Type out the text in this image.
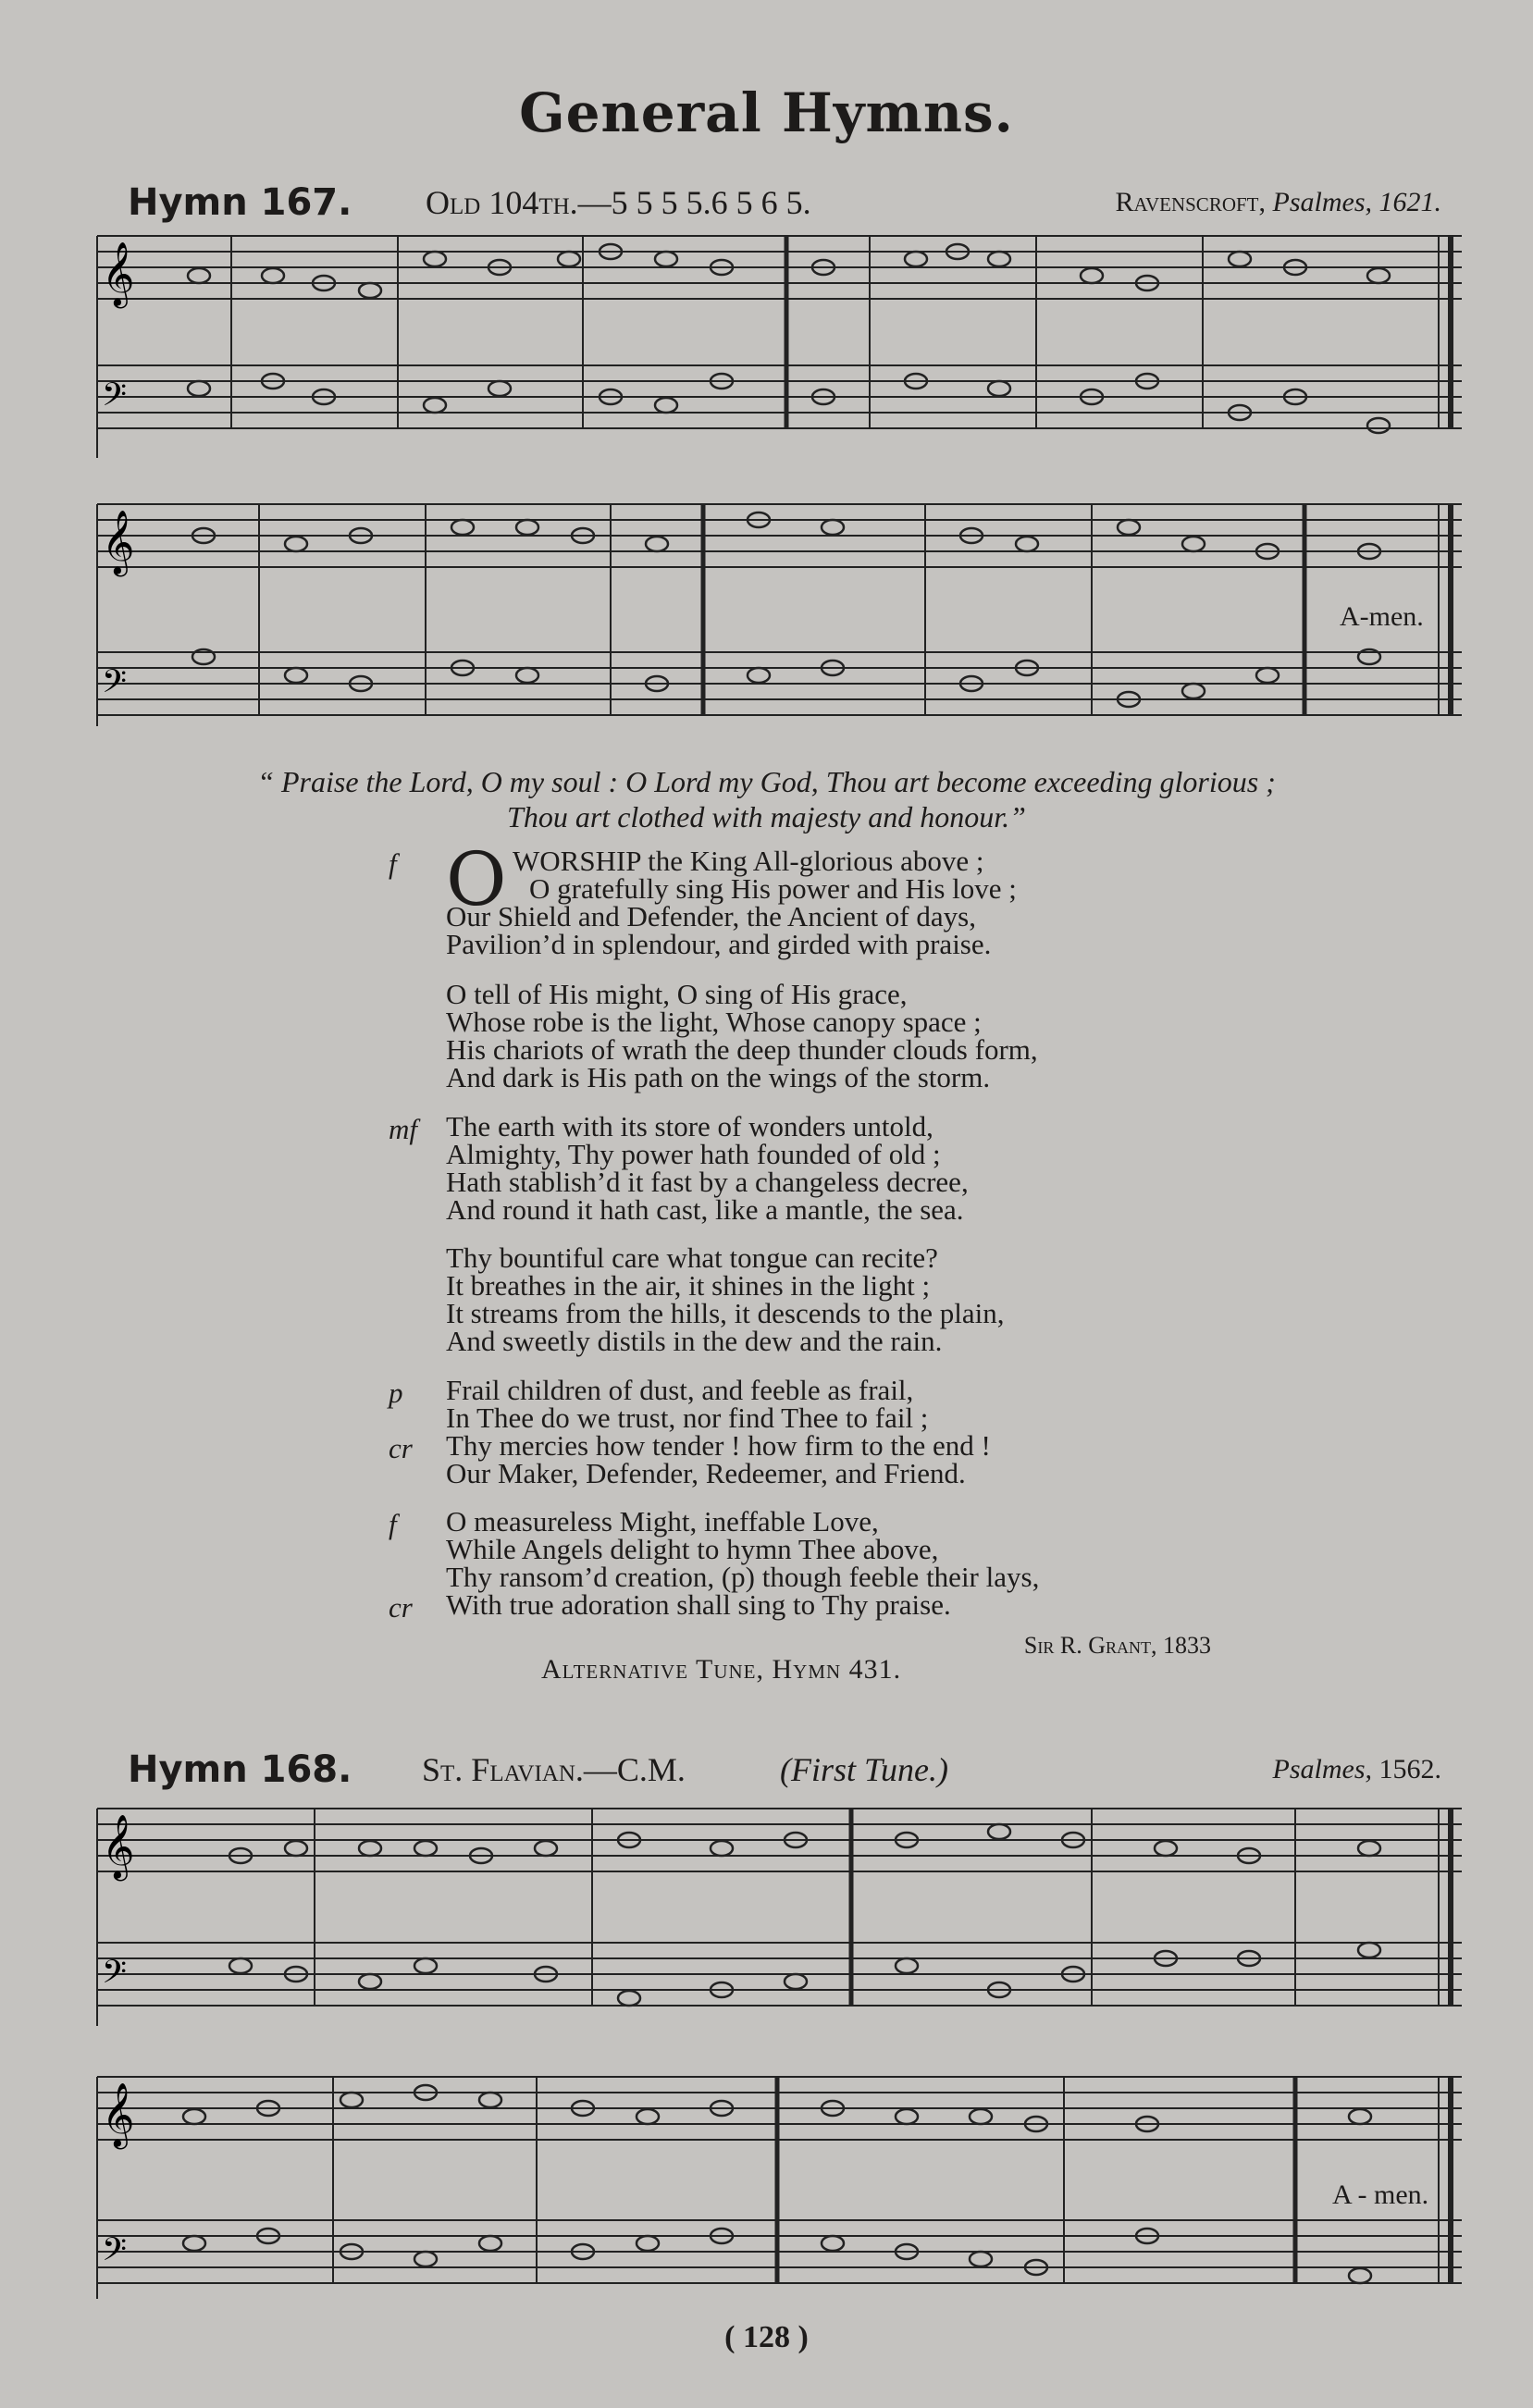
General Hymns.
Hymn 167. Old 104th.—5 5 5 5.6 5 6 5.	Ravenscroft, Psalmes, 1621.
𝄞
𝄢
𝄞
𝄢
A-men.
“ Praise the Lord, O my soul : O Lord my God, Thou art become exceeding glorious ;
Thou art clothed with majesty and honour.”
f O WORSHIP the King All-glorious above ;
O gratefully sing His power and His love ;
Our Shield and Defender, the Ancient of days,
Pavilion’d in splendour, and girded with praise.
O tell of His might, O sing of His grace,
Whose robe is the light, Whose canopy space ;
His chariots of wrath the deep thunder clouds form,
And dark is His path on the wings of the storm.
mf The earth with its store of wonders untold,
Almighty, Thy power hath founded of old ;
Hath stablish’d it fast by a changeless decree,
And round it hath cast, like a mantle, the sea.
Thy bountiful care what tongue can recite?
It breathes in the air, it shines in the light ;
It streams from the hills, it descends to the plain,
And sweetly distils in the dew and the rain.
p
cr
Frail children of dust, and feeble as frail,
In Thee do we trust, nor find Thee to fail ;
Thy mercies how tender ! how firm to the end !
Our Maker, Defender, Redeemer, and Friend.
f
cr
O measureless Might, ineffable Love,
While Angels delight to hymn Thee above,
Thy ransom’d creation, (p) though feeble their lays,
With true adoration shall sing to Thy praise.
Sir R. Grant, 1833
Alternative Tune, Hymn 431.
Hymn 168. St. Flavian.—C.M.	(First Tune.)	Psalmes, 1562.
𝄞
𝄢
𝄞
𝄢
A - men.
( 128 )
